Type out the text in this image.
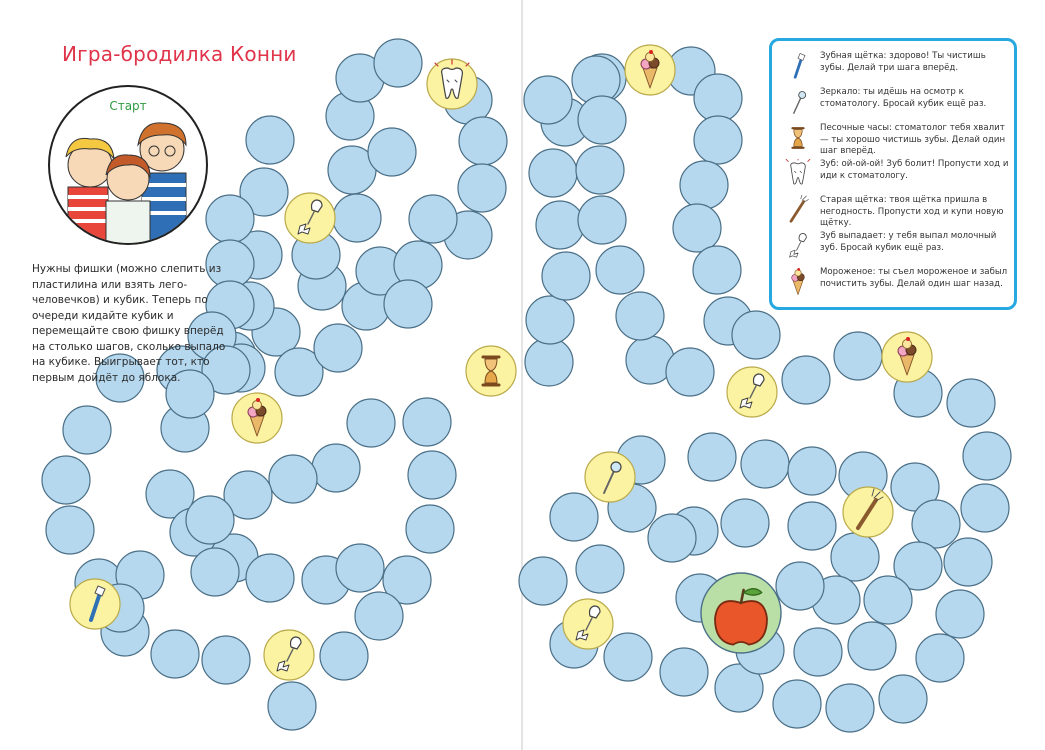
Игра-бродилка Конни
Старт
Нужны фишки (можно слепить из пластилина или взять лего-человечков) и кубик. Теперь по очереди кидайте кубик и перемещайте свою фишку вперёд на столько шагов, сколько выпало на кубике. Выигрывает тот, кто первым дойдёт до яблока.
Зубная щётка: здорово! Ты чистишь зубы. Делай три шага вперёд.
Зеркало: ты идёшь на осмотр к стоматологу. Бросай кубик ещё раз.
Песочные часы: стоматолог тебя хвалит — ты хорошо чистишь зубы. Делай один шаг вперёд.
Зуб: ой-ой-ой! Зуб болит! Пропусти ход и иди к стоматологу.
Старая щётка: твоя щётка пришла в негодность. Пропусти ход и купи новую щётку.
Зуб выпадает: у тебя выпал молочный зуб. Бросай кубик ещё раз.
Мороженое: ты съел мороженое и забыл почистить зубы. Делай один шаг назад.
